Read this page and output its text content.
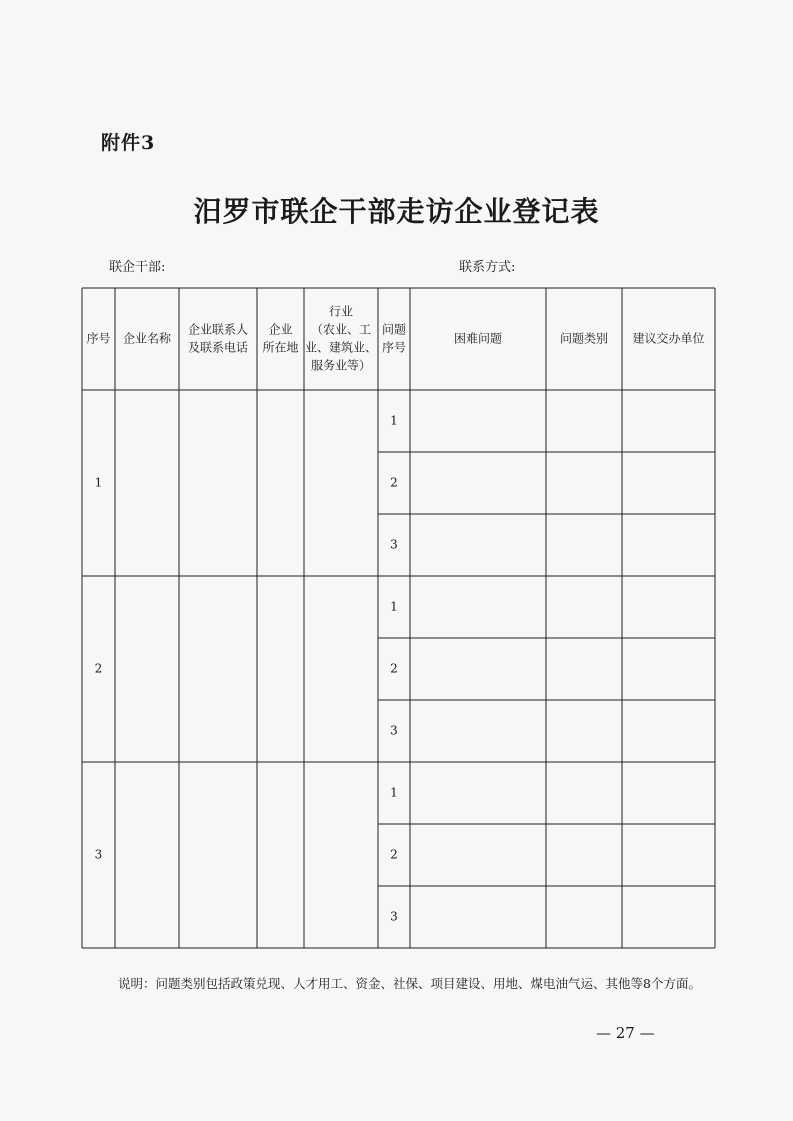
附件3
汨罗市联企干部走访企业登记表
联企干部:	联系方式:
1
1
2
3
2
1
2
3
3
1
2
3
序号 企业名称
企业联系人
及联系电话
企业
所在地
行业
（农业、工
业、建筑业、
服务业等）
问题
序号
困难问题	问题类别 建议交办单位
说明：问题类别包括政策兑现、人才用工、资金、社保、项目建设、用地、煤电油气运、其他等8个方面。
— 27 —
